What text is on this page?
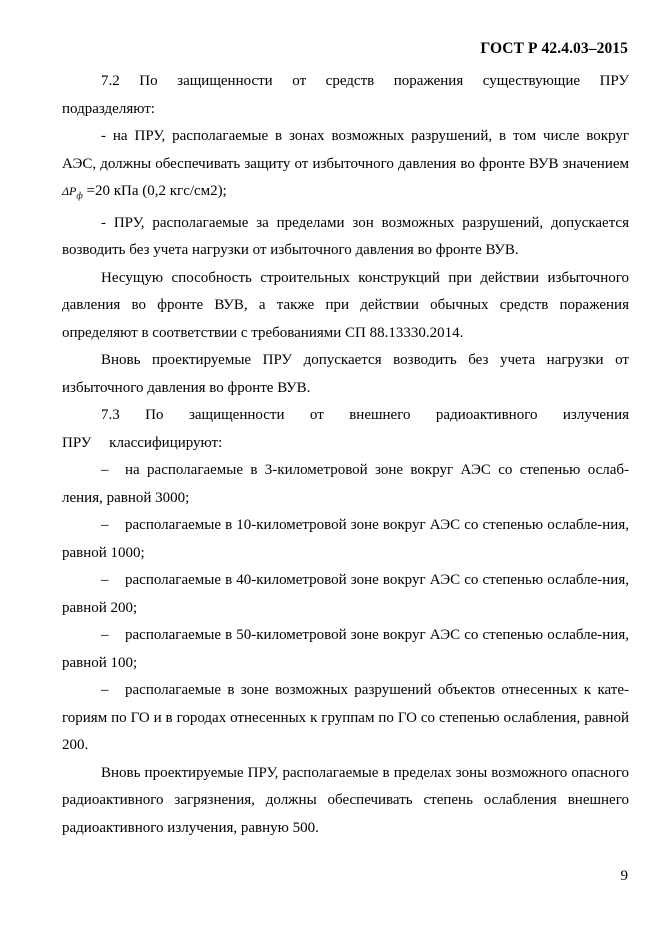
ГОСТ Р 42.4.03–2015

7.2 По защищенности от средств поражения существующие ПРУ подразделяют:

- на ПРУ, располагаемые в зонах возможных разрушений, в том числе вокруг АЭС, должны обеспечивать защиту от избыточного давления во фронте ВУВ значением $\Delta P_ф =20$ кПа (0,2 кгс/см2);

- ПРУ, располагаемые за пределами зон возможных разрушений, допускается возводить без учета нагрузки от избыточного давления во фронте ВУВ.

Несущую способность строительных конструкций при действии избыточного давления во фронте ВУВ, а также при действии обычных средств поражения определяют в соответствии с требованиями СП 88.13330.2014.

Вновь проектируемые ПРУ допускается возводить без учета нагрузки от избыточного давления во фронте ВУВ.

7.3 По защищенности от внешнего радиоактивного излучения ПРУ классифицируют:

– на располагаемые в 3-километровой зоне вокруг АЭС со степенью ослаб-ления, равной 3000;

– располагаемые в 10-километровой зоне вокруг АЭС со степенью ослабле-ния, равной 1000;

– располагаемые в 40-километровой зоне вокруг АЭС со степенью ослабле-ния, равной 200;

– располагаемые в 50-километровой зоне вокруг АЭС со степенью ослабле-ния, равной 100;

– располагаемые в зоне возможных разрушений объектов отнесенных к кате-гориям по ГО и в городах отнесенных к группам по ГО со степенью ослабления, равной 200.

Вновь проектируемые ПРУ, располагаемые в пределах зоны возможного опасного радиоактивного загрязнения, должны обеспечивать степень ослабления внешнего радиоактивного излучения, равную 500.

9
